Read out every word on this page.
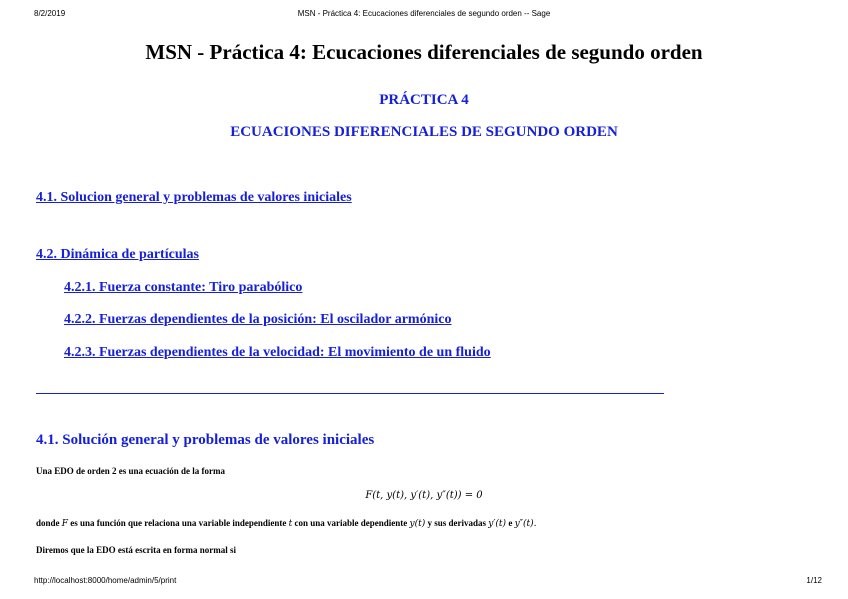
8/2/2019	MSN - Práctica 4: Ecucaciones diferenciales de segundo orden -- Sage
MSN - Práctica 4: Ecucaciones diferenciales de segundo orden

PRÁCTICA 4

ECUACIONES DIFERENCIALES DE SEGUNDO ORDEN

4.1. Solucion general y problemas de valores iniciales

4.2. Dinámica de partículas

4.2.1. Fuerza constante: Tiro parabólico

4.2.2. Fuerzas dependientes de la posición: El oscilador armónico

4.2.3. Fuerzas dependientes de la velocidad: El movimiento de un fluido

4.1. Solución general y problemas de valores iniciales

Una EDO de orden 2 es una ecuación de la forma

F(t, y(t), y′(t), y″(t)) = 0

donde F es una función que relaciona una variable independiente t con una variable dependiente y(t) y sus derivadas y′(t) e y″(t).

Diremos que la EDO está escrita en forma normal si

http://localhost:8000/home/admin/5/print	1/12
